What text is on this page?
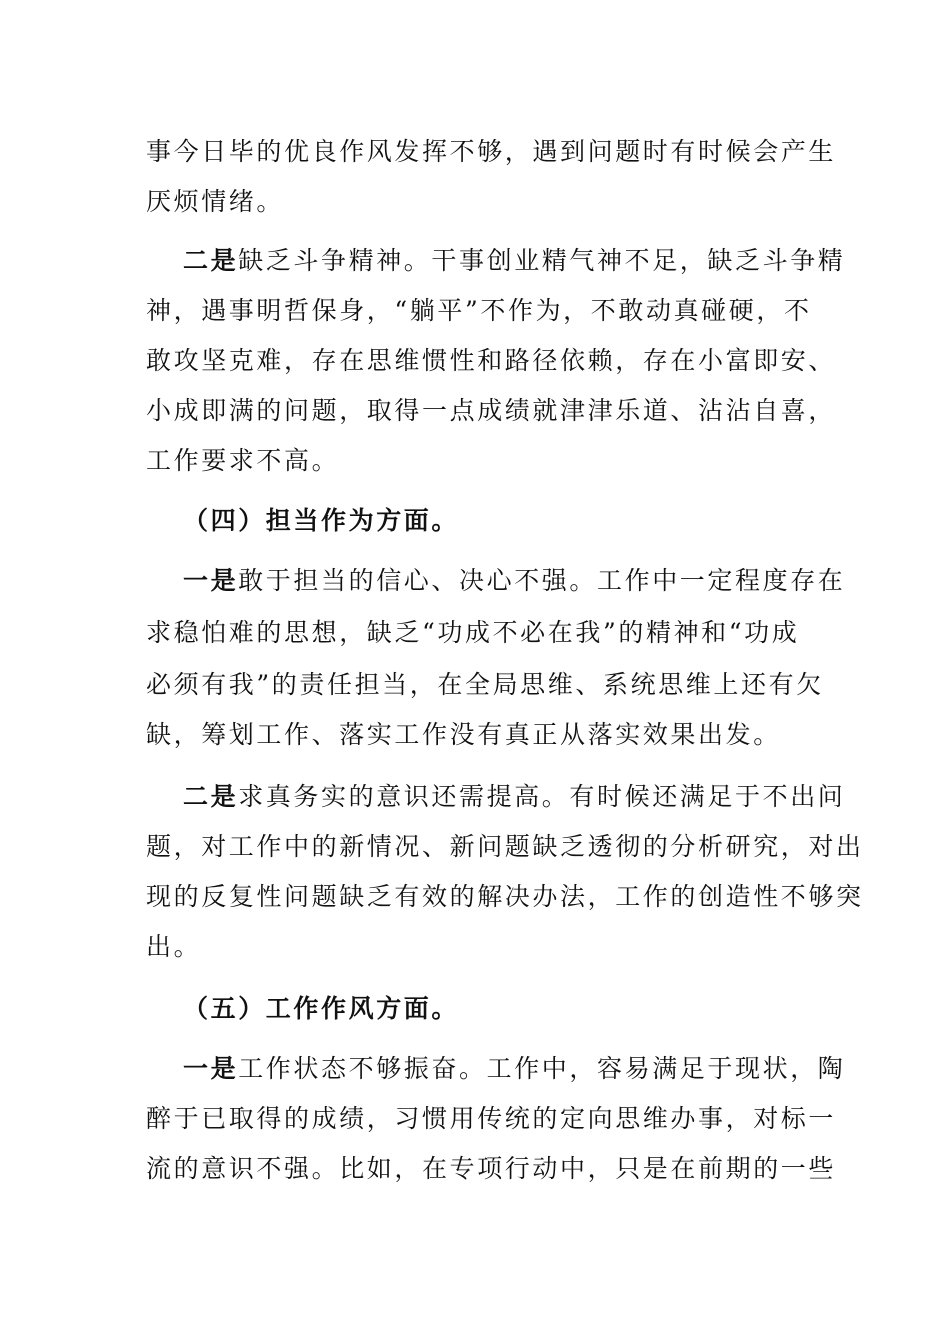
事今日毕的优良作风发挥不够，遇到问题时有时候会产生
厌烦情绪。
二是缺乏斗争精神。干事创业精气神不足，缺乏斗争精
神，遇事明哲保身，“躺平”不作为，不敢动真碰硬，不
敢攻坚克难，存在思维惯性和路径依赖，存在小富即安、
小成即满的问题，取得一点成绩就津津乐道、沾沾自喜，
工作要求不高。
（四）担当作为方面。
一是敢于担当的信心、决心不强。工作中一定程度存在
求稳怕难的思想，缺乏“功成不必在我”的精神和“功成
必须有我”的责任担当，在全局思维、系统思维上还有欠
缺，筹划工作、落实工作没有真正从落实效果出发。
二是求真务实的意识还需提高。有时候还满足于不出问
题，对工作中的新情况、新问题缺乏透彻的分析研究，对出
现的反复性问题缺乏有效的解决办法，工作的创造性不够突
出。
（五）工作作风方面。
一是工作状态不够振奋。工作中，容易满足于现状，陶
醉于已取得的成绩，习惯用传统的定向思维办事，对标一
流的意识不强。比如，在专项行动中，只是在前期的一些
